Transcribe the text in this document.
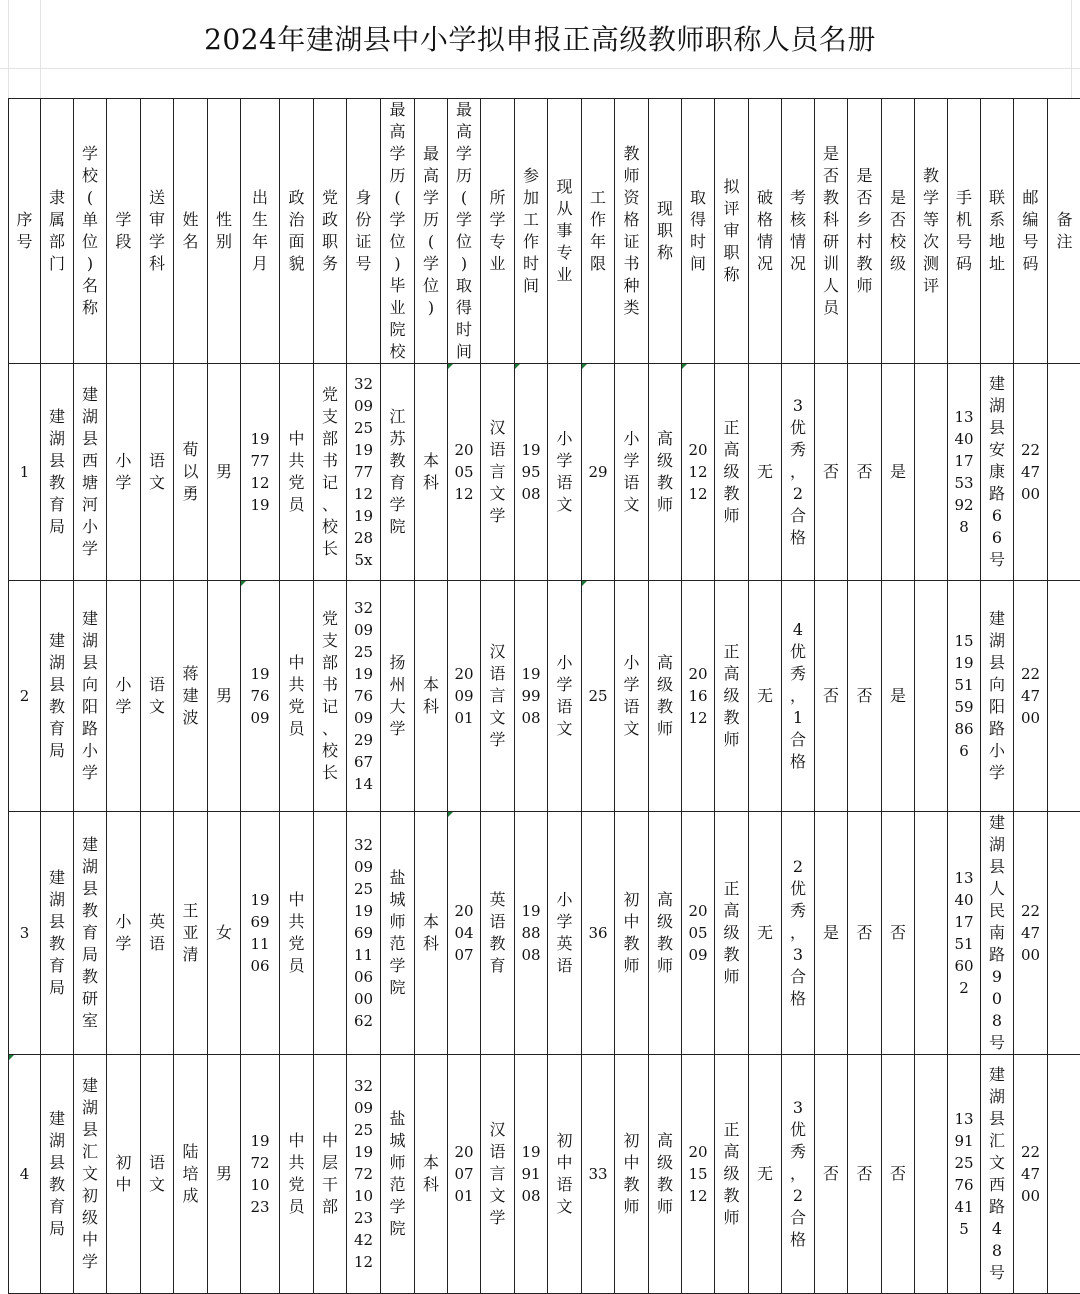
2024年建湖县中小学拟申报正高级教师职称人员名册
序号	隶属部门	学校(单位)名称	学段	送审学科	姓名	性别	出生年月	政治面貌	党政职务	身份证号	最高学历(学位)毕业院校	最高学历(学位)	最高学历(学位)取得时间	所学专业	参加工作时间	现从事专业	工作年限	教师资格证书种类	现职称	取得时间	拟评审职称	破格情况	考核情况	是否教科研训人员	是否乡村教师	是否校级	教学等次测评	手机号码	联系地址	邮编号码	备注

1	建湖县教育局	建湖县西塘河小学	小学	语文	荀以勇	男	197712 19	中共党员	党支部书记、校长	32092519771219285x	江苏教育学院	本科	200512	汉语言文学	199508	小学语文	29	小学语文	高级教师	201212	正高级教师	无	3优秀，2合格	否	否	是		13401753928	建湖县安康路66号	224700	

2	建湖县教育局	建湖县向阳路小学	小学	语文	蒋建波	男	197609	中共党员	党支部书记、校长	320925197609296714	扬州大学	本科	200901	汉语言文学	199908	小学语文	25	小学语文	高级教师	201612	正高级教师	无	4优秀，1合格	否	否	是		15195159866	建湖县向阳路小学	224700	

3	建湖县教育局	建湖县教育局教研室	小学	英语	王亚清	女	196911 06	中共党员		320925196911060062	盐城师范学院	本科	200407	英语教育	198808	小学英语	36	初中教师	高级教师	200509	正高级教师	无	2优秀，3合格	是	否	否		13401751602	建湖县人民南路908号	224700	

4	建湖县教育局	建湖县汇文初级中学	初中	语文	陆培成	男	197210 23	中共党员	中层干部	320925197210234212	盐城师范学院	本科	200701	汉语言文学	199108	初中语文	33	初中教师	高级教师	201512	正高级教师	无	3优秀，2合格	否	否	否		13912576415	建湖县汇文西路48号	224700	
